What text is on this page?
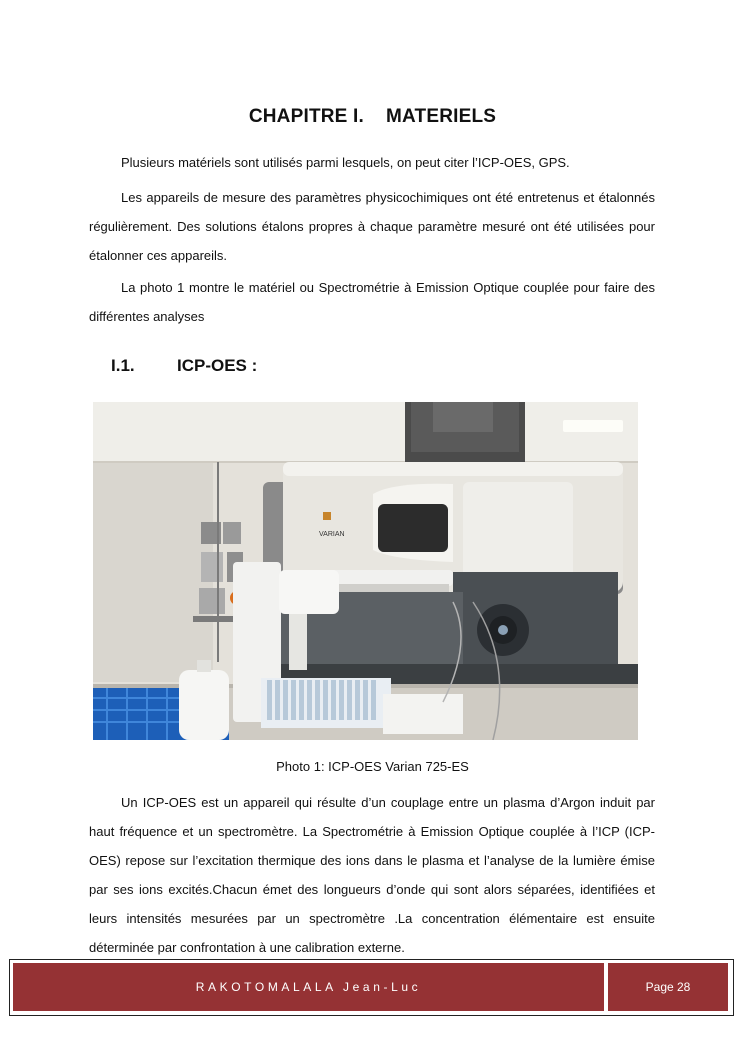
CHAPITRE I. MATERIELS

Plusieurs matériels sont utilisés parmi lesquels, on peut citer l’ICP-OES, GPS.

Les appareils de mesure des paramètres physicochimiques ont été entretenus et étalonnés régulièrement. Des solutions étalons propres à chaque paramètre mesuré ont été utilisées pour étalonner ces appareils.

La photo 1 montre le matériel ou Spectrométrie à Emission Optique couplée pour faire des différentes analyses

I.1. ICP-OES :
VARIAN
Photo 1: ICP-OES Varian 725-ES

Un ICP-OES est un appareil qui résulte d’un couplage entre un plasma d’Argon induit par haut fréquence et un spectromètre. La Spectrométrie à Emission Optique couplée à l’ICP (ICP-OES) repose sur l’excitation thermique des ions dans le plasma et l’analyse de la lumière émise par ses ions excités.Chacun émet des longueurs d’onde qui sont alors séparées, identifiées et leurs intensités mesurées par un spectromètre .La concentration élémentaire est ensuite déterminée par confrontation à une calibration externe.

RAKOTOMALALA Jean-Luc	Page 28
